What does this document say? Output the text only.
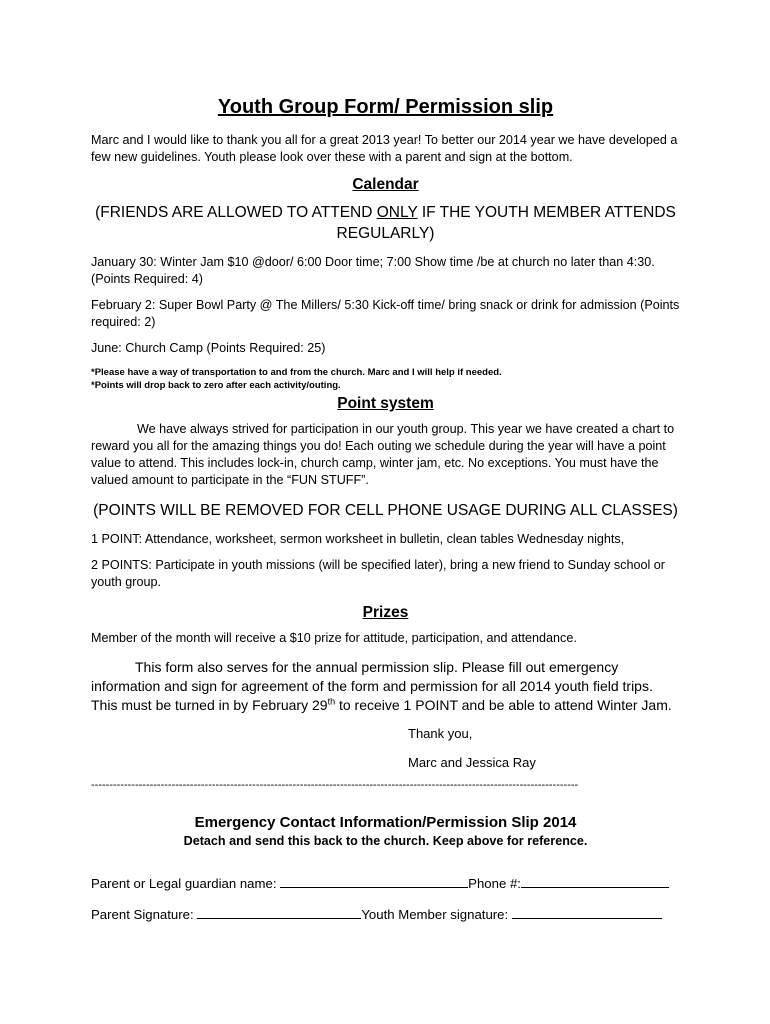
Youth Group Form/ Permission slip

Marc and I would like to thank you all for a great 2013 year! To better our 2014 year we have developed a few new guidelines. Youth please look over these with a parent and sign at the bottom.

Calendar
(FRIENDS ARE ALLOWED TO ATTEND ONLY IF THE YOUTH MEMBER ATTENDS REGULARLY)

January 30: Winter Jam $10 @door/ 6:00 Door time; 7:00 Show time /be at church no later than 4:30. (Points Required: 4)

February 2: Super Bowl Party @ The Millers/ 5:30 Kick-off time/ bring snack or drink for admission (Points required: 2)

June: Church Camp (Points Required: 25)

*Please have a way of transportation to and from the church. Marc and I will help if needed.

*Points will drop back to zero after each activity/outing.

Point system

We have always strived for participation in our youth group. This year we have created a chart to reward you all for the amazing things you do! Each outing we schedule during the year will have a point value to attend. This includes lock-in, church camp, winter jam, etc. No exceptions. You must have the valued amount to participate in the “FUN STUFF”.

(POINTS WILL BE REMOVED FOR CELL PHONE USAGE DURING ALL CLASSES)

1 POINT: Attendance, worksheet, sermon worksheet in bulletin, clean tables Wednesday nights,

2 POINTS: Participate in youth missions (will be specified later), bring a new friend to Sunday school or youth group.

Prizes

Member of the month will receive a $10 prize for attitude, participation, and attendance.

This form also serves for the annual permission slip. Please fill out emergency information and sign for agreement of the form and permission for all 2014 youth field trips. This must be turned in by February 29th to receive 1 POINT and be able to attend Winter Jam.

Thank you,

Marc and Jessica Ray

-------------------------------------------------------------------------------------------------------------------------------------
Emergency Contact Information/Permission Slip 2014
Detach and send this back to the church. Keep above for reference.
Parent or Legal guardian name:	Phone #:
Parent Signature:	Youth Member signature:
